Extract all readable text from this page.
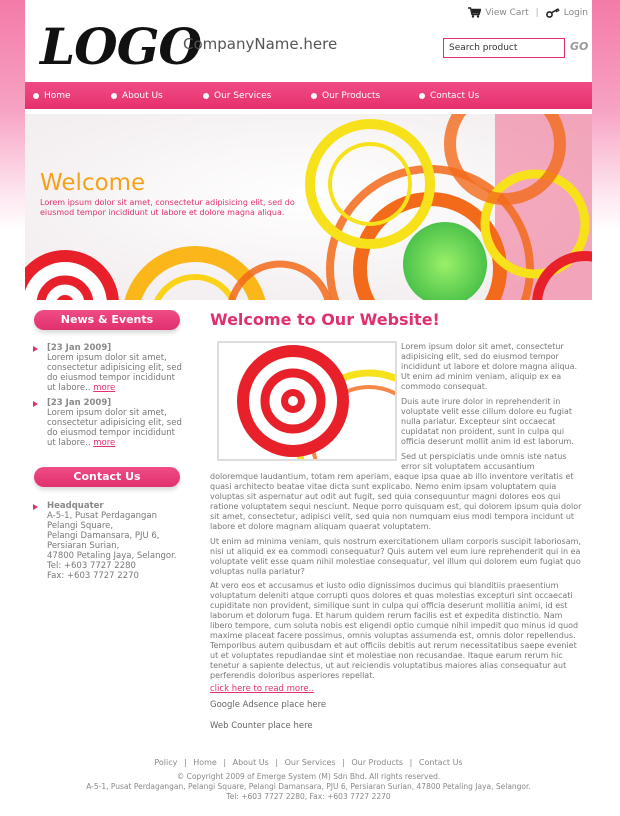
LOGO
CompanyName.here
View Cart |	Login
Search product
GO
Home	About Us	Our Services	Our Products	Contact Us
Welcome
Lorem ipsum dolor sit amet, consectetur adipisicing elit, sed do eiusmod tempor incididunt ut labore et dolore magna aliqua.
News & Events
[23 Jan 2009]
Lorem ipsum dolor sit amet, consectetur adipisicing elit, sed do eiusmod tempor incididunt ut labore.. more
[23 Jan 2009]
Lorem ipsum dolor sit amet, consectetur adipisicing elit, sed do eiusmod tempor incididunt ut labore.. more
Contact Us
Headquater
A-5-1, Pusat Perdagangan
Pelangi Square,
Pelangi Damansara, PJU 6,
Persiaran Surian,
47800 Petaling Jaya, Selangor.
Tel: +603 7727 2280
Fax: +603 7727 2270
Welcome to Our Website!
Lorem ipsum dolor sit amet, consectetur adipisicing elit, sed do eiusmod tempor incididunt ut labore et dolore magna aliqua. Ut enim ad minim veniam, aliquip ex ea commodo consequat.
Duis aute irure dolor in reprehenderit in voluptate velit esse cillum dolore eu fugiat nulla pariatur. Excepteur sint occaecat cupidatat non proident, sunt in culpa qui officia deserunt mollit anim id est laborum.
Sed ut perspiciatis unde omnis iste natus error sit voluptatem accusantium
doloremque laudantium, totam rem aperiam, eaque ipsa quae ab illo inventore veritatis et quasi architecto beatae vitae dicta sunt explicabo. Nemo enim ipsam voluptatem quia voluptas sit aspernatur aut odit aut fugit, sed quia consequuntur magni dolores eos qui ratione voluptatem sequi nesciunt. Neque porro quisquam est, qui dolorem ipsum quia dolor sit amet, consectetur, adipisci velit, sed quia non numquam eius modi tempora incidunt ut labore et dolore magnam aliquam quaerat voluptatem.
Ut enim ad minima veniam, quis nostrum exercitationem ullam corporis suscipit laboriosam, nisi ut aliquid ex ea commodi consequatur? Quis autem vel eum iure reprehenderit qui in ea voluptate velit esse quam nihil molestiae consequatur, vel illum qui dolorem eum fugiat quo voluptas nulla pariatur?
At vero eos et accusamus et iusto odio dignissimos ducimus qui blanditiis praesentium voluptatum deleniti atque corrupti quos dolores et quas molestias excepturi sint occaecati cupiditate non provident, similique sunt in culpa qui officia deserunt mollitia animi, id est laborum et dolorum fuga. Et harum quidem rerum facilis est et expedita distinctio. Nam libero tempore, cum soluta nobis est eligendi optio cumque nihil impedit quo minus id quod maxime placeat facere possimus, omnis voluptas assumenda est, omnis dolor repellendus. Temporibus autem quibusdam et aut officiis debitis aut rerum necessitatibus saepe eveniet ut et voluptates repudiandae sint et molestiae non recusandae. Itaque earum rerum hic tenetur a sapiente delectus, ut aut reiciendis voluptatibus maiores alias consequatur aut perferendis doloribus asperiores repellat.
click here to read more..
Google Adsence place here
Web Counter place here
Policy | Home | About Us | Our Services | Our Products | Contact Us
© Copyright 2009 of Emerge System (M) Sdn Bhd. All rights reserved.
A-5-1, Pusat Perdagangan, Pelangi Square, Pelangi Damansara, PJU 6, Persiaran Surian, 47800 Petaling Jaya, Selangor.
Tel: +603 7727 2280, Fax: +603 7727 2270
